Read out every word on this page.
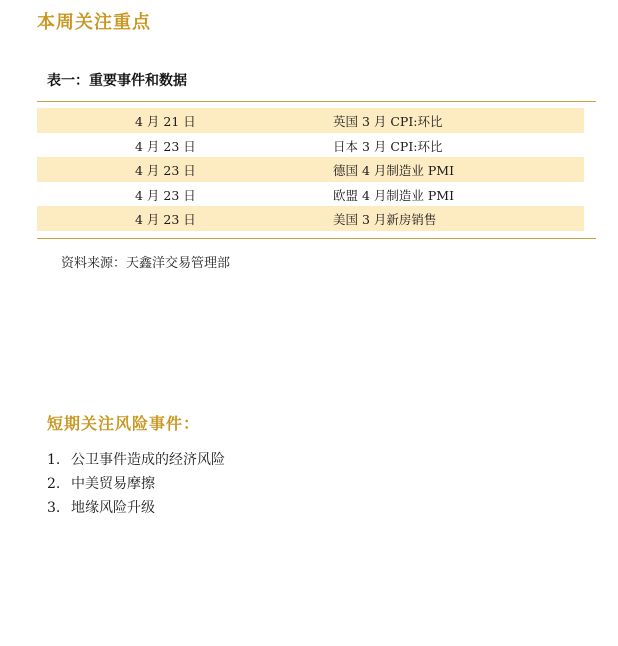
本周关注重点
表一：重要事件和数据
4 月 21 日	英国 3 月 CPI:环比
4 月 23 日	日本 3 月 CPI:环比
4 月 23 日	德国 4 月制造业 PMI
4 月 23 日	欧盟 4 月制造业 PMI
4 月 23 日	美国 3 月新房销售
资料来源：天鑫洋交易管理部
短期关注风险事件：
1. 公卫事件造成的经济风险
2. 中美贸易摩擦
3. 地缘风险升级
